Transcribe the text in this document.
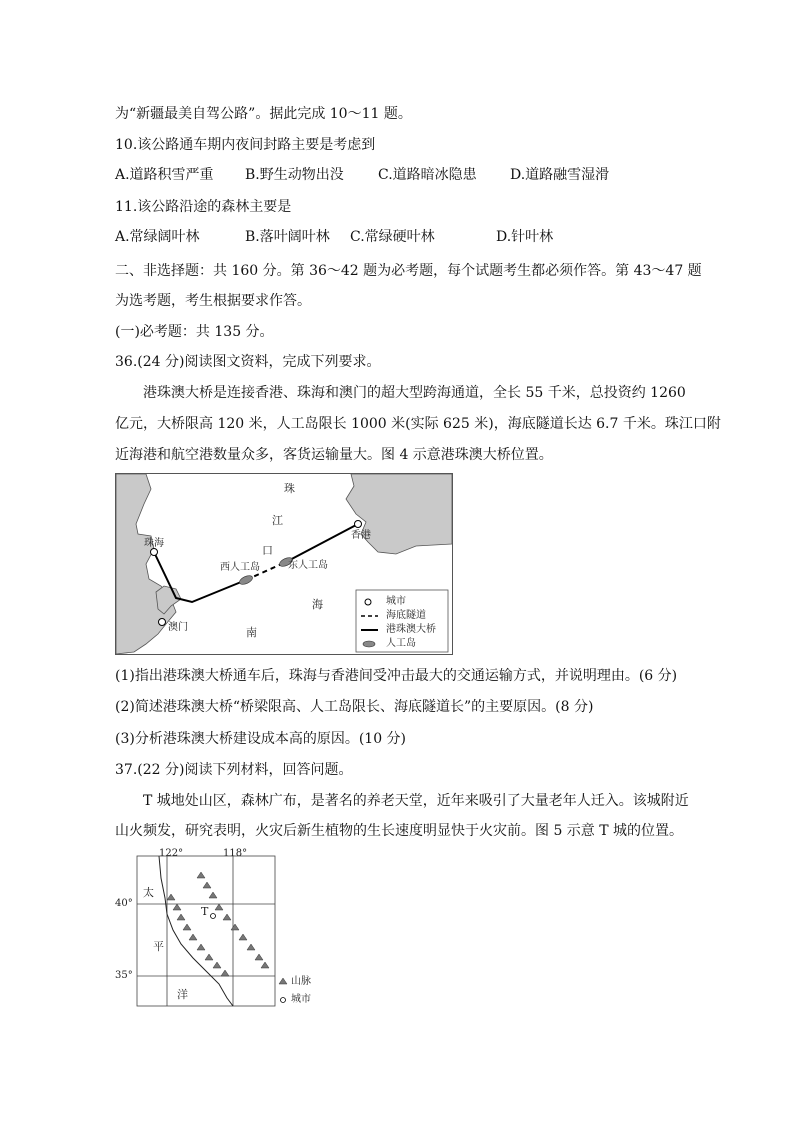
为“新疆最美自驾公路”。据此完成 10～11 题。
10.该公路通车期内夜间封路主要是考虑到
A.道路积雪严重 B.野生动物出没 C.道路暗冰隐患 D.道路融雪湿滑
11.该公路沿途的森林主要是
A.常绿阔叶林	B.落叶阔叶林 C.常绿硬叶林	D.针叶林
二、非选择题：共 160 分。第 36～42 题为必考题，每个试题考生都必须作答。第 43～47 题
为选考题，考生根据要求作答。
(一)必考题：共 135 分。
36.(24 分)阅读图文资料，完成下列要求。
港珠澳大桥是连接香港、珠海和澳门的超大型跨海通道，全长 55 千米，总投资约 1260
亿元，大桥限高 120 米，人工岛限长 1000 米(实际 625 米)，海底隧道长达 6.7 千米。珠江口附
近海港和航空港数量众多，客货运输量大。图 4 示意港珠澳大桥位置。
珠
江
口
海
南
珠海
澳门
香港
西人工岛	东人工岛
城市
海底隧道
港珠澳大桥
人工岛
(1)指出港珠澳大桥通车后，珠海与香港间受冲击最大的交通运输方式，并说明理由。(6 分)
(2)简述港珠澳大桥“桥梁限高、人工岛限长、海底隧道长”的主要原因。(8 分)
(3)分析港珠澳大桥建设成本高的原因。(10 分)
37.(22 分)阅读下列材料，回答问题。
T 城地处山区，森林广布，是著名的养老天堂，近年来吸引了大量老年人迁入。该城附近
山火频发，研究表明，火灾后新生植物的生长速度明显快于火灾前。图 5 示意 T 城的位置。
122°	118°
40°
35°
太
平
洋
T
山脉
城市
